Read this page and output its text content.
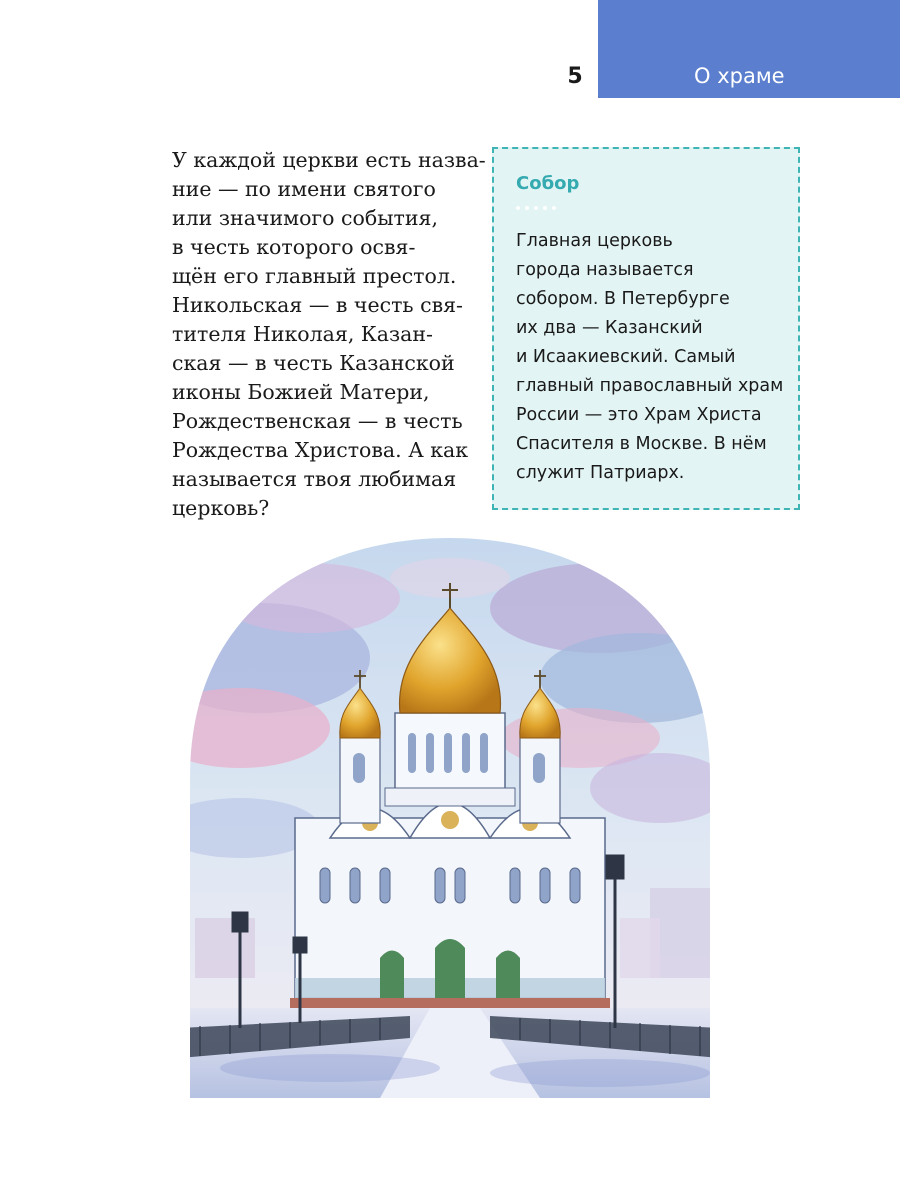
О храме
5

У каждой церкви есть назва-
ние — по имени святого
или значимого события,
в честь которого освя-
щён его главный престол.
Никольская — в честь свя-
тителя Николая, Казан-
ская — в честь Казанской
иконы Божией Матери,
Рождественская — в честь
Рождества Христова. А как
называется твоя любимая
церковь?

Собор

Главная церковь
города называется
собором. В Петербурге
их два — Казанский
и Исаакиевский. Самый
главный православный храм
России — это Храм Христа
Спасителя в Москве. В нём
служит Патриарх.
